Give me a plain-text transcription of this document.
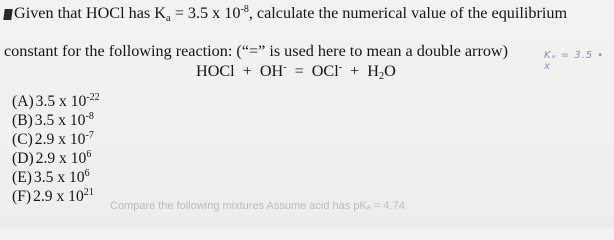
Given that HOCl has $K_a = 3.5$ x $10^{-8}$, calculate the numerical value of the equilibrium
constant for the following reaction: (“=” is used here to mean a double arrow)
HOCl + $OH^- = OCl^- + H_2O$
Kₐ = 3.5 • x
(A) 3.5 x $10^{-22}$
(B) 3.5 x $10^{-8}$
(C) 2.9 x $10^{-7}$
(D) 2.9 x $10^6$
(E) 3.5 x $10^6$
(F) 2.9 x $10^{21}$
Compare the following mixtures Assume acid has pKₐ = 4.74
